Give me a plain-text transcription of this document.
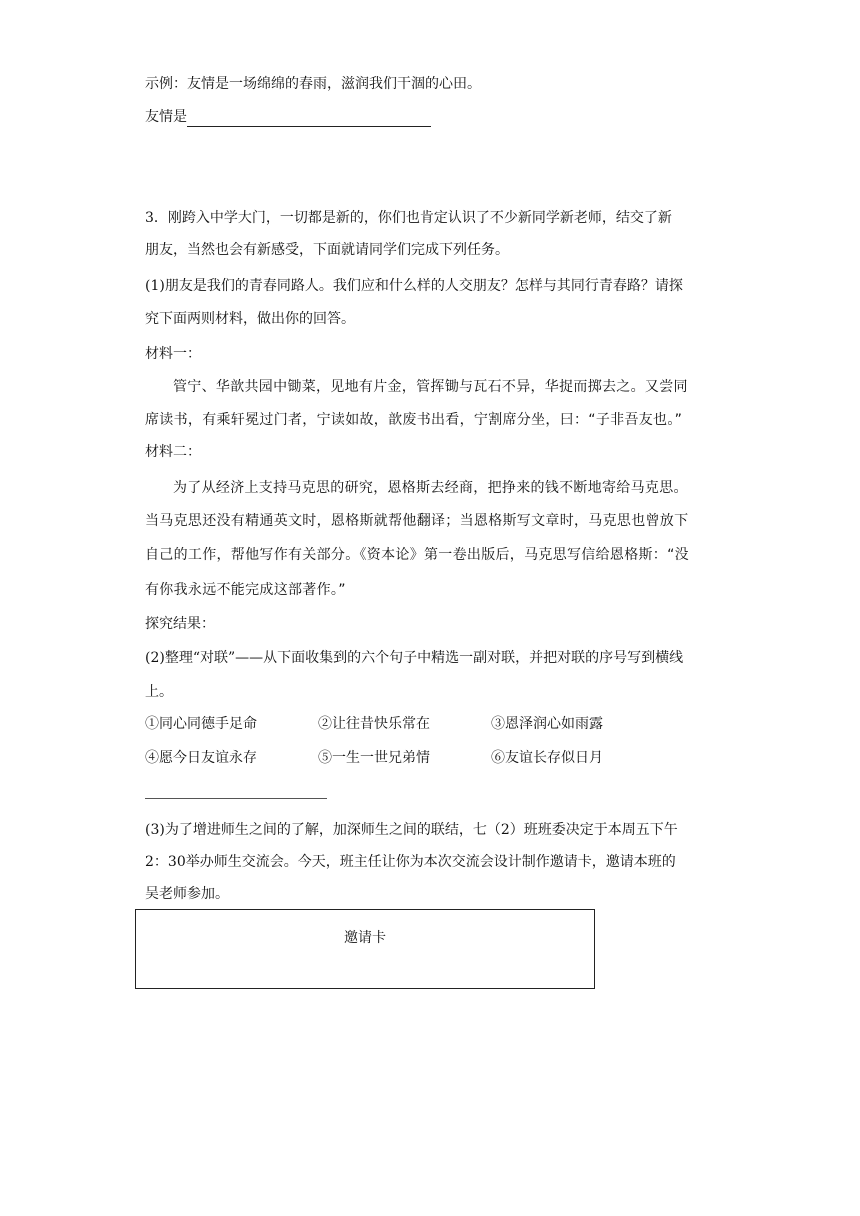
示例：友情是一场绵绵的春雨，滋润我们干涸的心田。
友情是
3．刚跨入中学大门，一切都是新的，你们也肯定认识了不少新同学新老师，结交了新
朋友，当然也会有新感受，下面就请同学们完成下列任务。
(1)朋友是我们的青春同路人。我们应和什么样的人交朋友？怎样与其同行青春路？请探
究下面两则材料，做出你的回答。
材料一：
管宁、华歆共园中锄菜，见地有片金，管挥锄与瓦石不异，华捉而掷去之。又尝同
席读书，有乘轩冕过门者，宁读如故，歆废书出看，宁割席分坐，曰：“子非吾友也。”
材料二：
为了从经济上支持马克思的研究，恩格斯去经商，把挣来的钱不断地寄给马克思。
当马克思还没有精通英文时，恩格斯就帮他翻译；当恩格斯写文章时，马克思也曾放下
自己的工作，帮他写作有关部分。《资本论》第一卷出版后，马克思写信给恩格斯：“没
有你我永远不能完成这部著作。”
探究结果：
(2)整理“对联”——从下面收集到的六个句子中精选一副对联，并把对联的序号写到横线
上。
①同心同德手足命	②让往昔快乐常在	③恩泽润心如雨露
④愿今日友谊永存	⑤一生一世兄弟情	⑥友谊长存似日月
(3)为了增进师生之间的了解，加深师生之间的联结，七（2）班班委决定于本周五下午
2：30举办师生交流会。今天，班主任让你为本次交流会设计制作邀请卡，邀请本班的
吴老师参加。
邀请卡
